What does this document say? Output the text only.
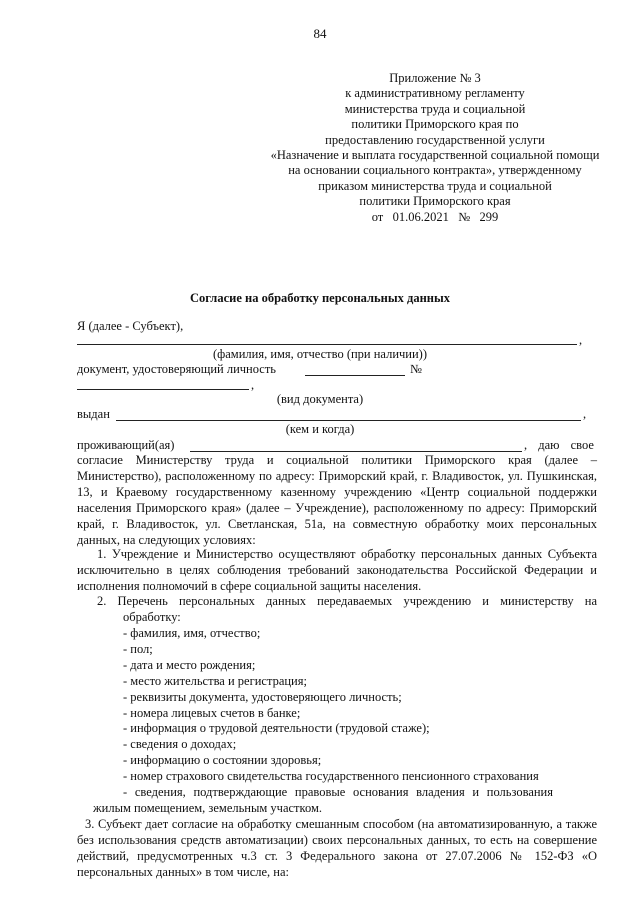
84
Приложение № 3
к административному регламенту
министерства труда и социальной
политики Приморского края по
предоставлению государственной услуги
«Назначение и выплата государственной социальной помощи
на основании социального контракта», утвержденному
приказом министерства труда и социальной
политики Приморского края
от   01.06.2021   №   299
Согласие на обработку персональных данных
Я (далее - Субъект),
,
(фамилия, имя, отчество (при наличии))
документ, удостоверяющий личность	№
,
(вид документа)
выдан	,
(кем и когда)
проживающий(ая)	, даю свое

согласие Министерству труда и социальной политики Приморского края (далее – Министерство), расположенному по адресу: Приморский край, г. Владивосток, ул. Пушкинская, 13, и Краевому государственному казенному учреждению «Центр социальной поддержки населения Приморского края» (далее – Учреждение), расположенному по адресу: Приморский край, г. Владивосток, ул. Светланская, 51а, на совместную обработку моих персональных данных, на следующих условиях:

1. Учреждение и Министерство осуществляют обработку персональных данных Субъекта исключительно в целях соблюдения требований законодательства Российской Федерации и исполнения полномочий в сфере социальной защиты населения.

2. Перечень персональных данных передаваемых учреждению и министерству на
обработку:
- фамилия, имя, отчество;
- пол;
- дата и место рождения;
- место жительства и регистрация;
- реквизиты документа, удостоверяющего личность;
- номера лицевых счетов в банке;
- информация о трудовой деятельности (трудовой стаже);
- сведения о доходах;
- информацию о состоянии здоровья;
- номер страхового свидетельства государственного пенсионного страхования
- сведения, подтверждающие правовые основания владения и пользования
жилым помещением, земельным участком.

3. Субъект дает согласие на обработку смешанным способом (на автоматизированную, а также без использования средств автоматизации) своих персональных данных, то есть на совершение действий, предусмотренных ч.3 ст. 3 Федерального закона от 27.07.2006 № 152-ФЗ «О персональных данных» в том числе, на:
